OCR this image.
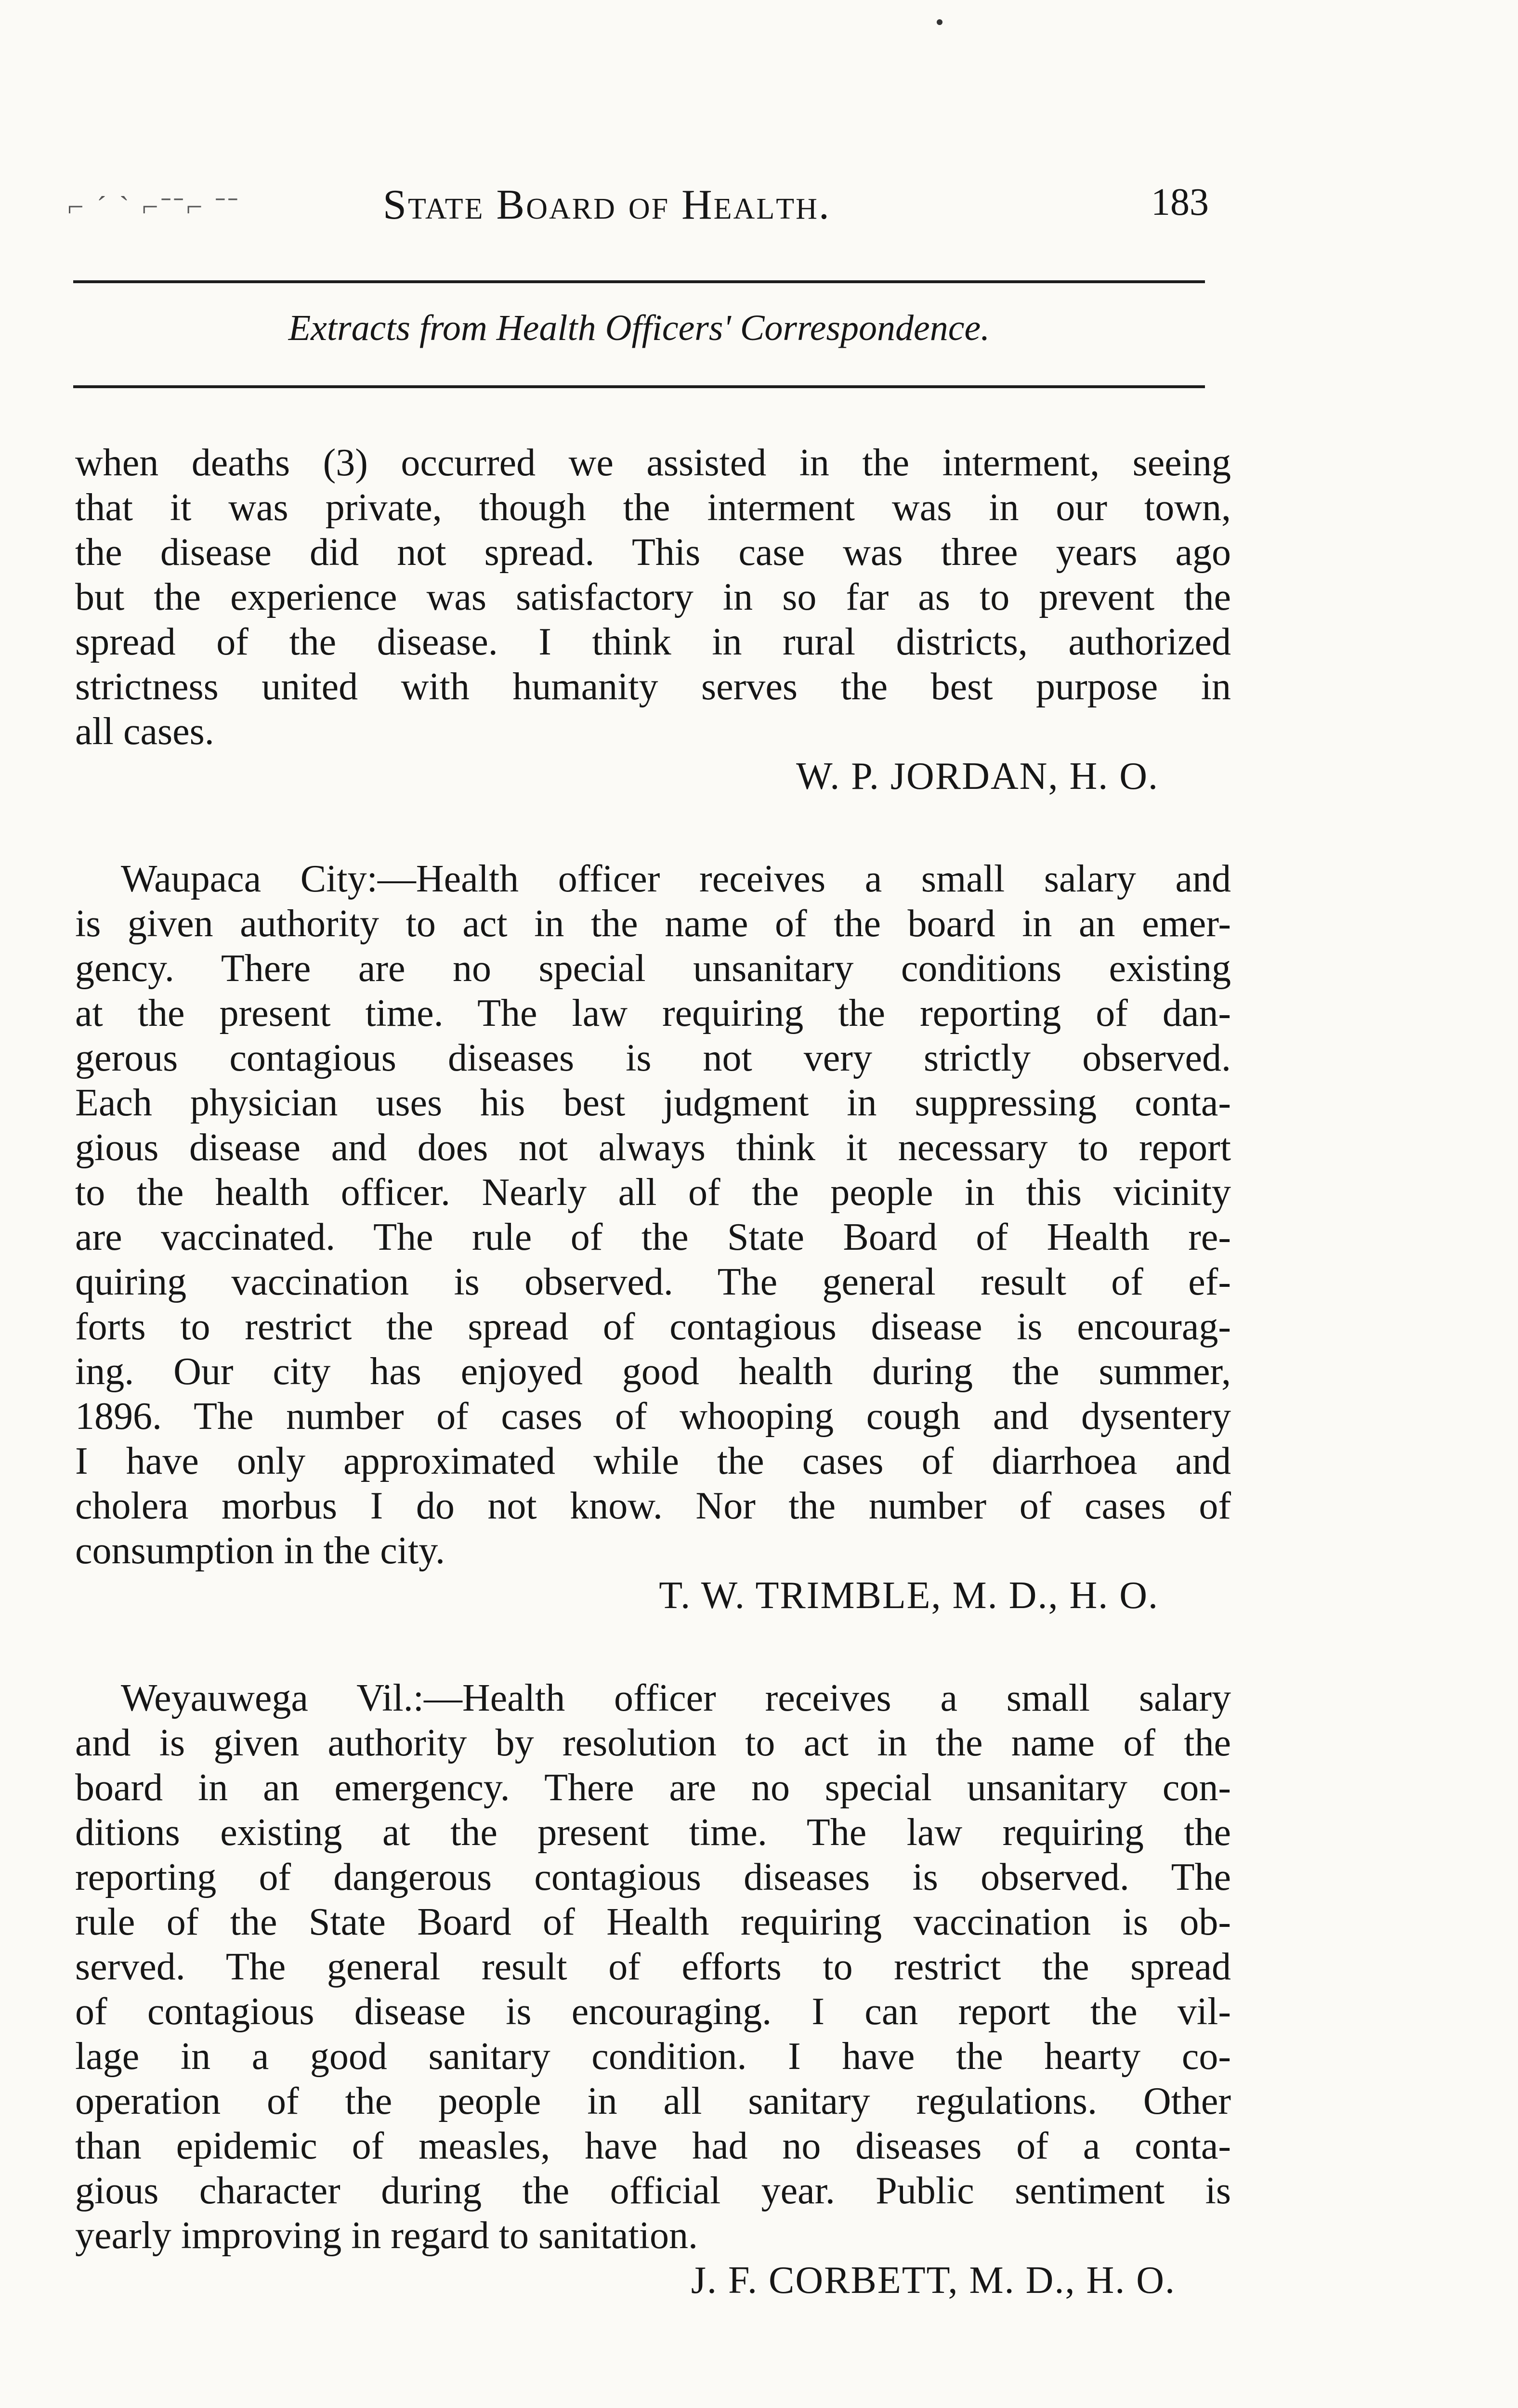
⌐ ˊ ˋ ⌐ˉˉ⌐ ˉˉ	State Board of Healτh.	183
Extracts from Health Officers' Correspondence.
when deaths (3) occurred we assisted in the interment, seeing
that it was private, though the interment was in our town,
the disease did not spread. This case was three years ago
but the experience was satisfactory in so far as to prevent the
spread of the disease. I think in rural districts, authorized
strictness united with humanity serves the best purpose in
all cases.
W. P. JORDAN, H. O.
Waupaca City:—Health officer receives a small salary and
is given authority to act in the name of the board in an emer-
gency. There are no special unsanitary conditions existing
at the present time. The law requiring the reporting of dan-
gerous contagious diseases is not very strictly observed.
Each physician uses his best judgment in suppressing conta-
gious disease and does not always think it necessary to report
to the health officer. Nearly all of the people in this vicinity
are vaccinated. The rule of the State Board of Health re-
quiring vaccination is observed. The general result of ef-
forts to restrict the spread of contagious disease is encourag-
ing. Our city has enjoyed good health during the summer,
1896. The number of cases of whooping cough and dysentery
I have only approximated while the cases of diarrhoea and
cholera morbus I do not know. Nor the number of cases of
consumption in the city.
T. W. TRIMBLE, M. D., H. O.
Weyauwega Vil.:—Health officer receives a small salary
and is given authority by resolution to act in the name of the
board in an emergency. There are no special unsanitary con-
ditions existing at the present time. The law requiring the
reporting of dangerous contagious diseases is observed. The
rule of the State Board of Health requiring vaccination is ob-
served. The general result of efforts to restrict the spread
of contagious disease is encouraging. I can report the vil-
lage in a good sanitary condition. I have the hearty co-
operation of the people in all sanitary regulations. Other
than epidemic of measles, have had no diseases of a conta-
gious character during the official year. Public sentiment is
yearly improving in regard to sanitation.
J. F. CORBETT, M. D., H. O.
